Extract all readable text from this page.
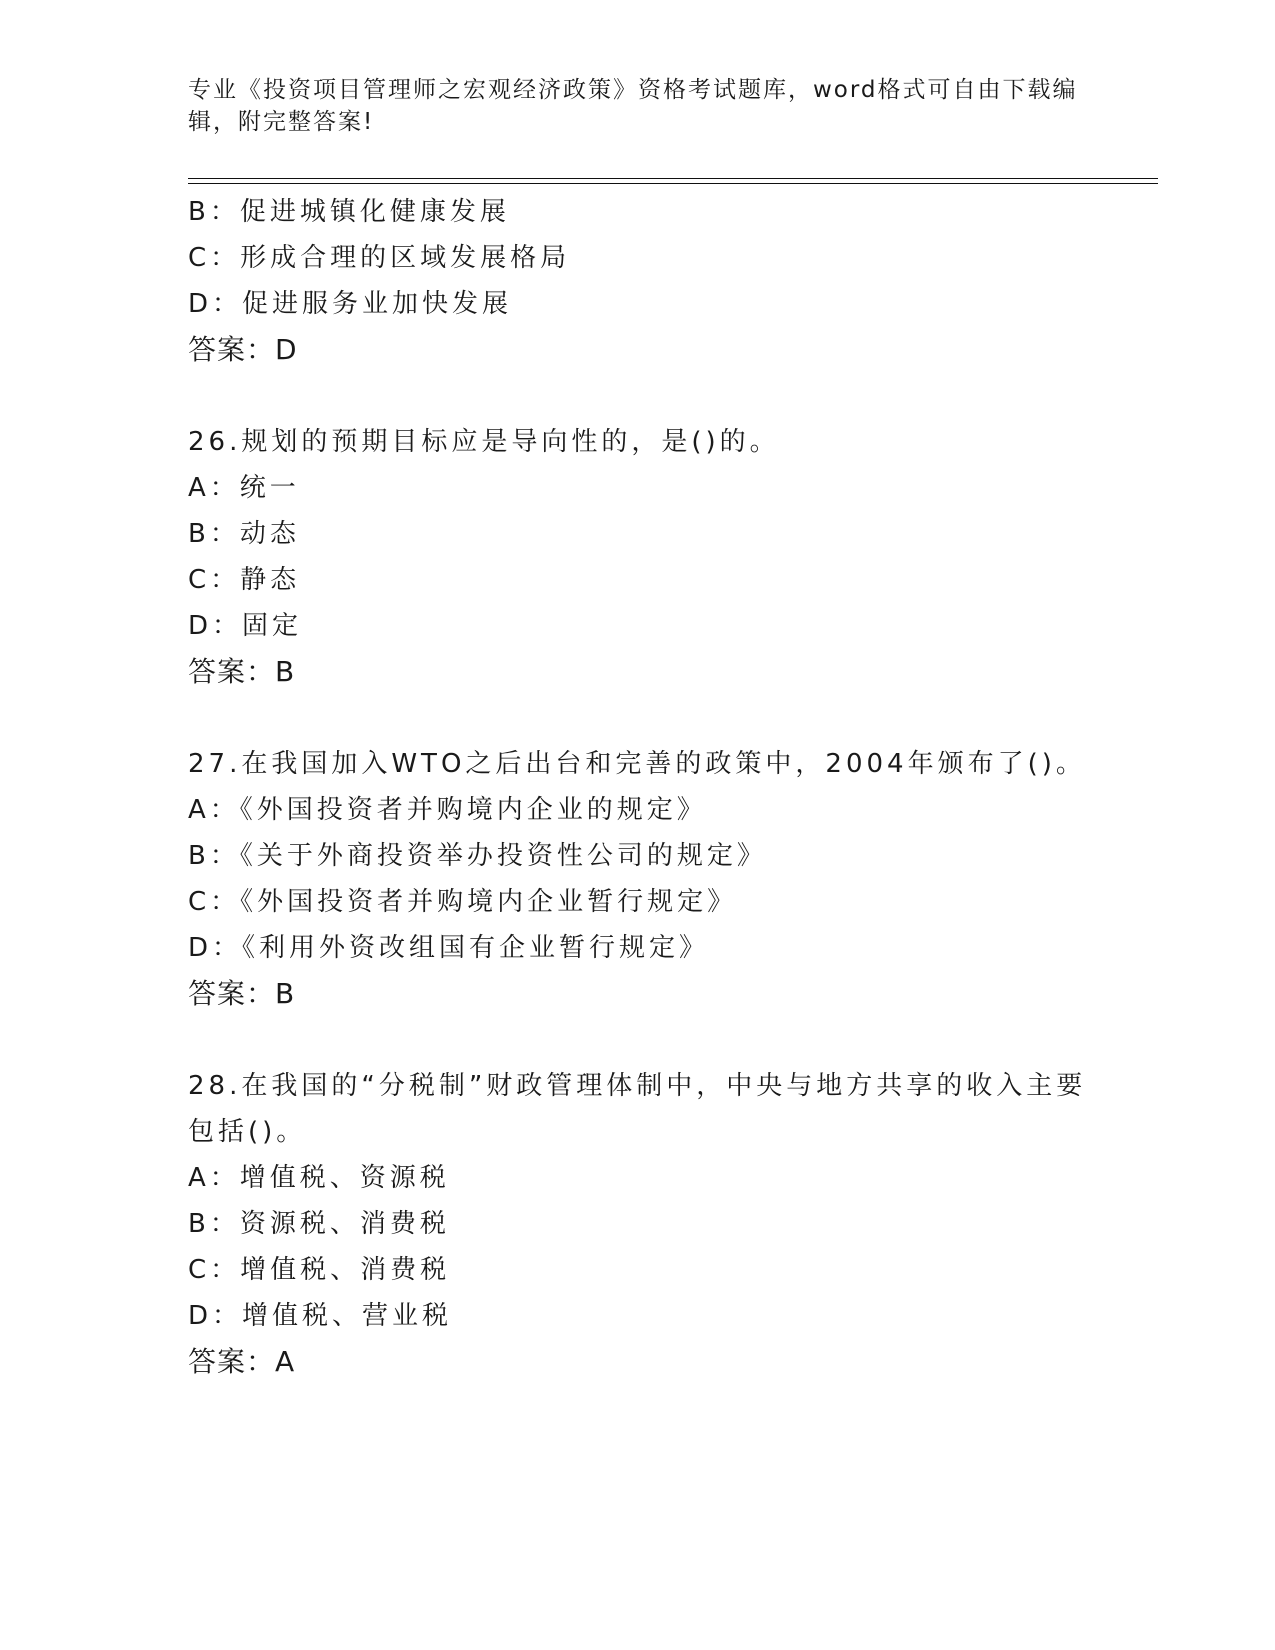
专业《投资项目管理师之宏观经济政策》资格考试题库，word格式可自由下载编
辑，附完整答案!
B：促进城镇化健康发展
C：形成合理的区域发展格局
D：促进服务业加快发展
答案：D
26.规划的预期目标应是导向性的，是()的。
A：统一
B：动态
C：静态
D：固定
答案：B
27.在我国加入WTO之后出台和完善的政策中，2004年颁布了()。
A：《外国投资者并购境内企业的规定》
B：《关于外商投资举办投资性公司的规定》
C：《外国投资者并购境内企业暂行规定》
D：《利用外资改组国有企业暂行规定》
答案：B
28.在我国的“分税制”财政管理体制中，中央与地方共享的收入主要
包括()。
A：增值税、资源税
B：资源税、消费税
C：增值税、消费税
D：增值税、营业税
答案：A
